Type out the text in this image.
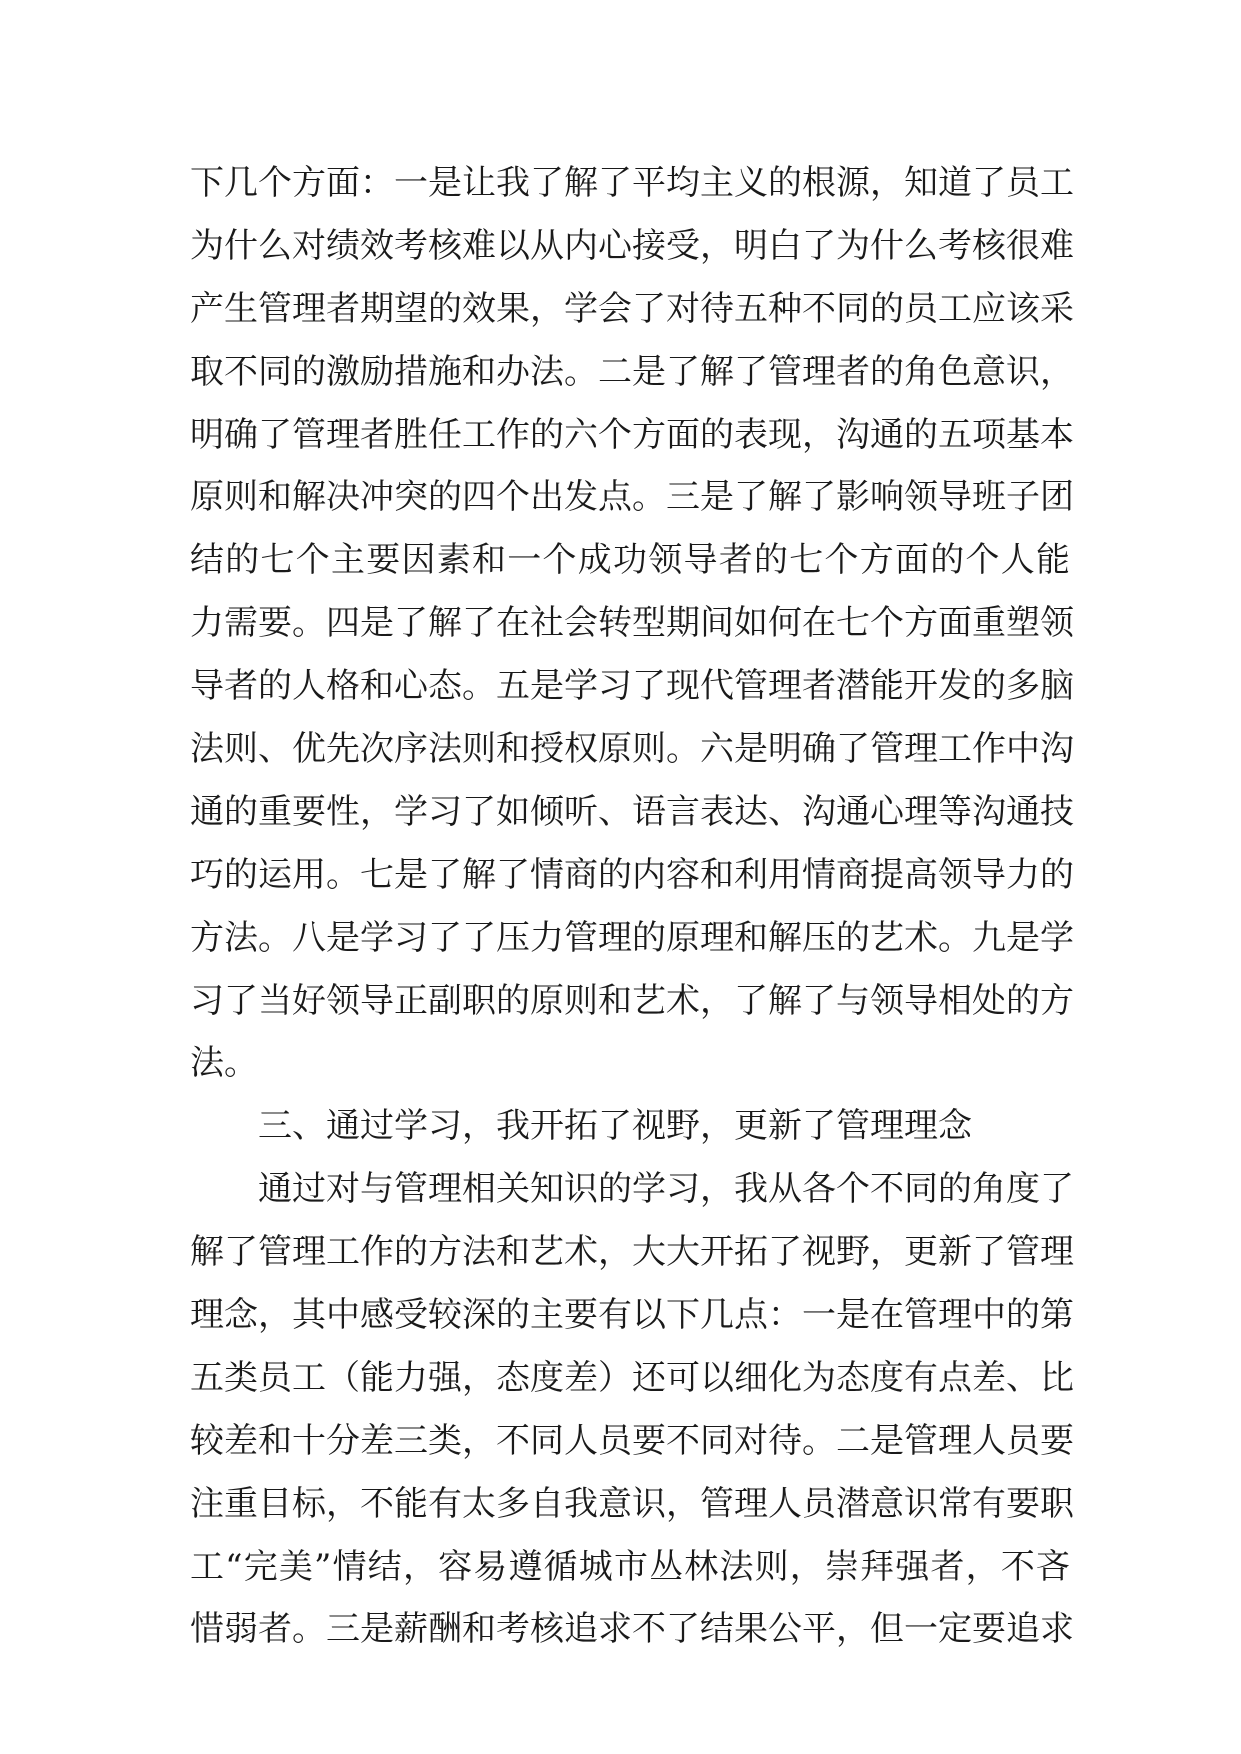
下几个方面：一是让我了解了平均主义的根源，知道了员工
为什么对绩效考核难以从内心接受，明白了为什么考核很难
产生管理者期望的效果，学会了对待五种不同的员工应该采
取不同的激励措施和办法。二是了解了管理者的角色意识，
明确了管理者胜任工作的六个方面的表现，沟通的五项基本
原则和解决冲突的四个出发点。三是了解了影响领导班子团
结的七个主要因素和一个成功领导者的七个方面的个人能
力需要。四是了解了在社会转型期间如何在七个方面重塑领
导者的人格和心态。五是学习了现代管理者潜能开发的多脑
法则、优先次序法则和授权原则。六是明确了管理工作中沟
通的重要性，学习了如倾听、语言表达、沟通心理等沟通技
巧的运用。七是了解了情商的内容和利用情商提高领导力的
方法。八是学习了了压力管理的原理和解压的艺术。九是学
习了当好领导正副职的原则和艺术，了解了与领导相处的方
法。
三、通过学习，我开拓了视野，更新了管理理念
通过对与管理相关知识的学习，我从各个不同的角度了
解了管理工作的方法和艺术，大大开拓了视野，更新了管理
理念，其中感受较深的主要有以下几点：一是在管理中的第
五类员工（能力强，态度差）还可以细化为态度有点差、比
较差和十分差三类，不同人员要不同对待。二是管理人员要
注重目标，不能有太多自我意识，管理人员潜意识常有要职
工“完美”情结，容易遵循城市丛林法则，崇拜强者，不吝
惜弱者。三是薪酬和考核追求不了结果公平，但一定要追求
